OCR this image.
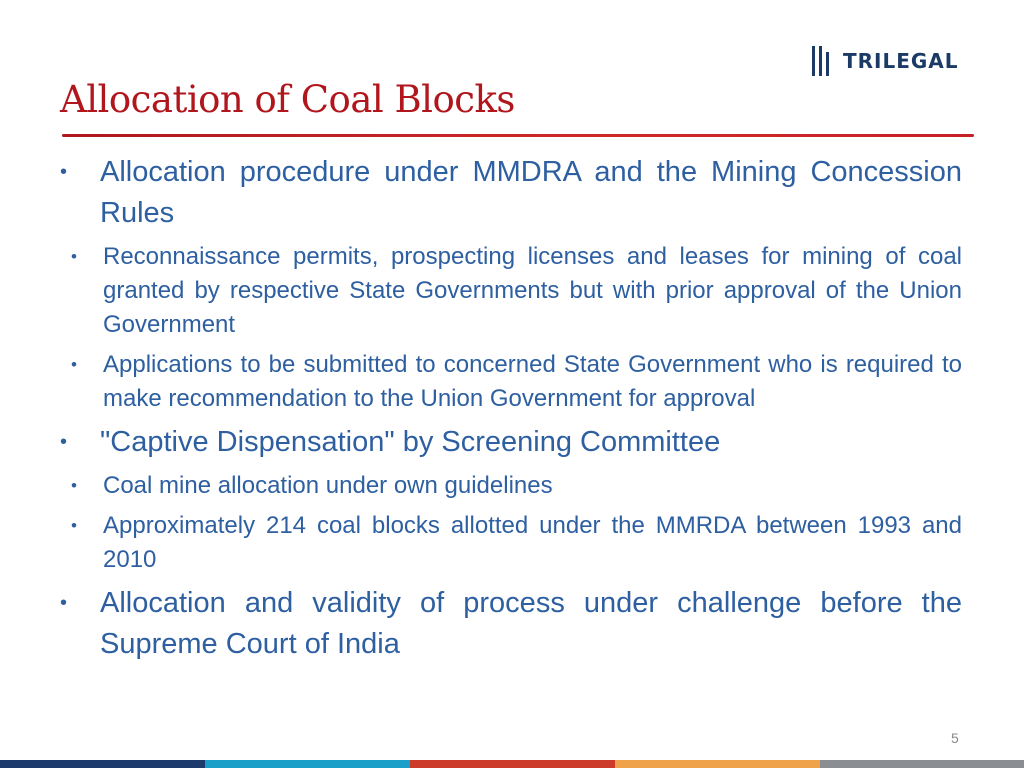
TRILEGAL
Allocation of Coal Blocks
• Allocation procedure under MMDRA and the Mining Concession Rules
• Reconnaissance permits, prospecting licenses and leases for mining of coal granted by respective State Governments but with prior approval of the Union Government
• Applications to be submitted to concerned State Government who is required to make recommendation to the Union Government for approval
• "Captive Dispensation" by Screening Committee
• Coal mine allocation under own guidelines
• Approximately 214 coal blocks allotted under the MMRDA between 1993 and 2010
• Allocation and validity of process under challenge before the Supreme Court of India
5
